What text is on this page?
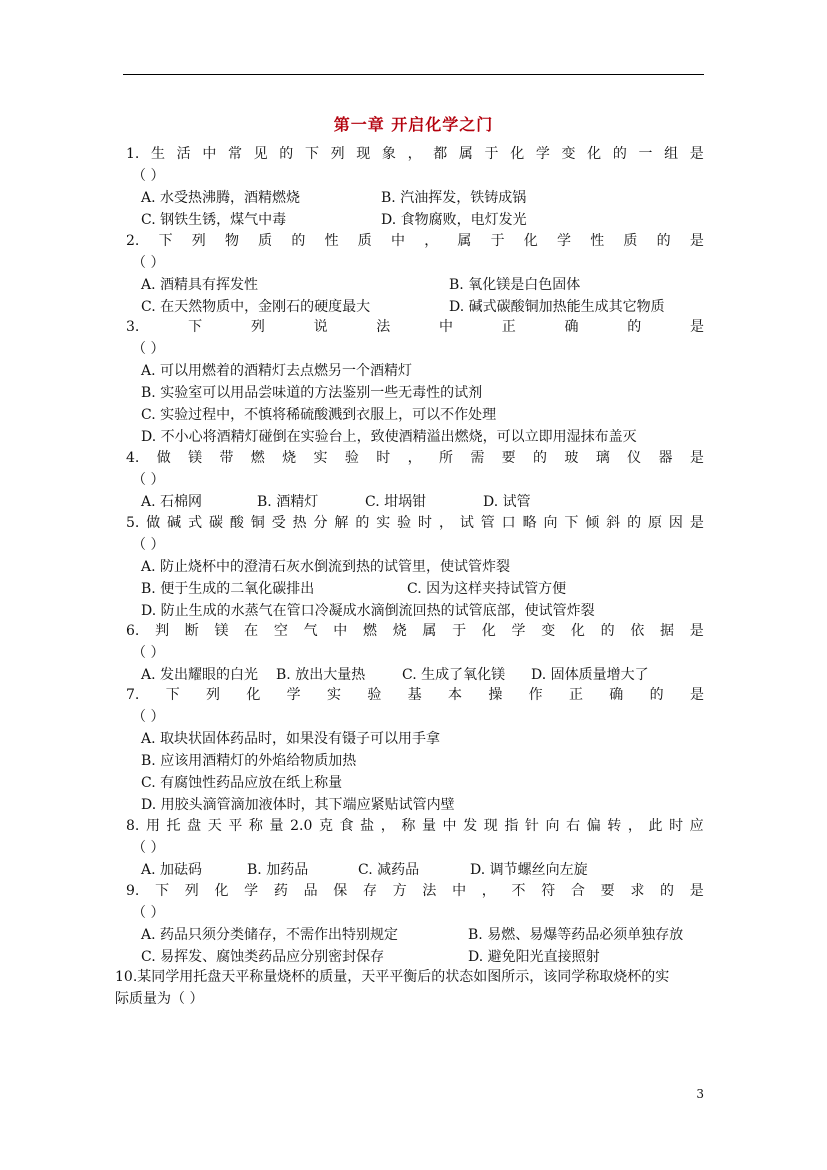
第一章 开启化学之门
1. 生 活 中 常 见 的 下 列 现 象 ， 都 属 于 化 学 变 化 的 一 组 是
（ ）
A. 水受热沸腾，酒精燃烧	B. 汽油挥发，铁铸成锅
C. 钢铁生锈，煤气中毒	D. 食物腐败，电灯发光
2. 下 列 物 质 的 性 质 中 ， 属 于 化 学 性 质 的 是
（ ）
A. 酒精具有挥发性	B. 氧化镁是白色固体
C. 在天然物质中，金刚石的硬度最大	D. 碱式碳酸铜加热能生成其它物质
3.	下	列	说	法	中	正	确	的	是
（ ）
A. 可以用燃着的酒精灯去点燃另一个酒精灯
B. 实验室可以用品尝味道的方法鉴别一些无毒性的试剂
C. 实验过程中，不慎将稀硫酸溅到衣服上，可以不作处理
D. 不小心将酒精灯碰倒在实验台上，致使酒精溢出燃烧，可以立即用湿抹布盖灭
4. 做 镁 带 燃 烧 实 验 时 ， 所 需 要 的 玻 璃 仪 器 是
（ ）
A. 石棉网	B. 酒精灯	C. 坩埚钳	D. 试管
5. 做 碱 式 碳 酸 铜 受 热 分 解 的 实 验 时 ， 试 管 口 略 向 下 倾 斜 的 原 因 是
（ ）
A. 防止烧杯中的澄清石灰水倒流到热的试管里，使试管炸裂
B. 便于生成的二氧化碳排出	C. 因为这样夹持试管方便
D. 防止生成的水蒸气在管口冷凝成水滴倒流回热的试管底部，使试管炸裂
6. 判 断 镁 在 空 气 中 燃 烧 属 于 化 学 变 化 的 依 据 是
（ ）
A. 发出耀眼的白光 B. 放出大量热	C. 生成了氧化镁 D. 固体质量增大了
7. 下 列 化 学 实 验 基 本 操 作 正 确 的 是
（ ）
A. 取块状固体药品时，如果没有镊子可以用手拿
B. 应该用酒精灯的外焰给物质加热
C. 有腐蚀性药品应放在纸上称量
D. 用胶头滴管滴加液体时，其下端应紧贴试管内壁
8. 用 托 盘 天 平 称 量 2.0 克 食 盐 ， 称 量 中 发 现 指 针 向 右 偏 转 ， 此 时 应
（ ）
A. 加砝码	B. 加药品	C. 减药品	D. 调节螺丝向左旋
9. 下 列 化 学 药 品 保 存 方 法 中 ， 不 符 合 要 求 的 是
（ ）
A. 药品只须分类储存，不需作出特别规定	B. 易燃、易爆等药品必须单独存放
C. 易挥发、腐蚀类药品应分别密封保存	D. 避免阳光直接照射
10.某同学用托盘天平称量烧杯的质量，天平平衡后的状态如图所示，该同学称取烧杯的实
际质量为（ ）
3
